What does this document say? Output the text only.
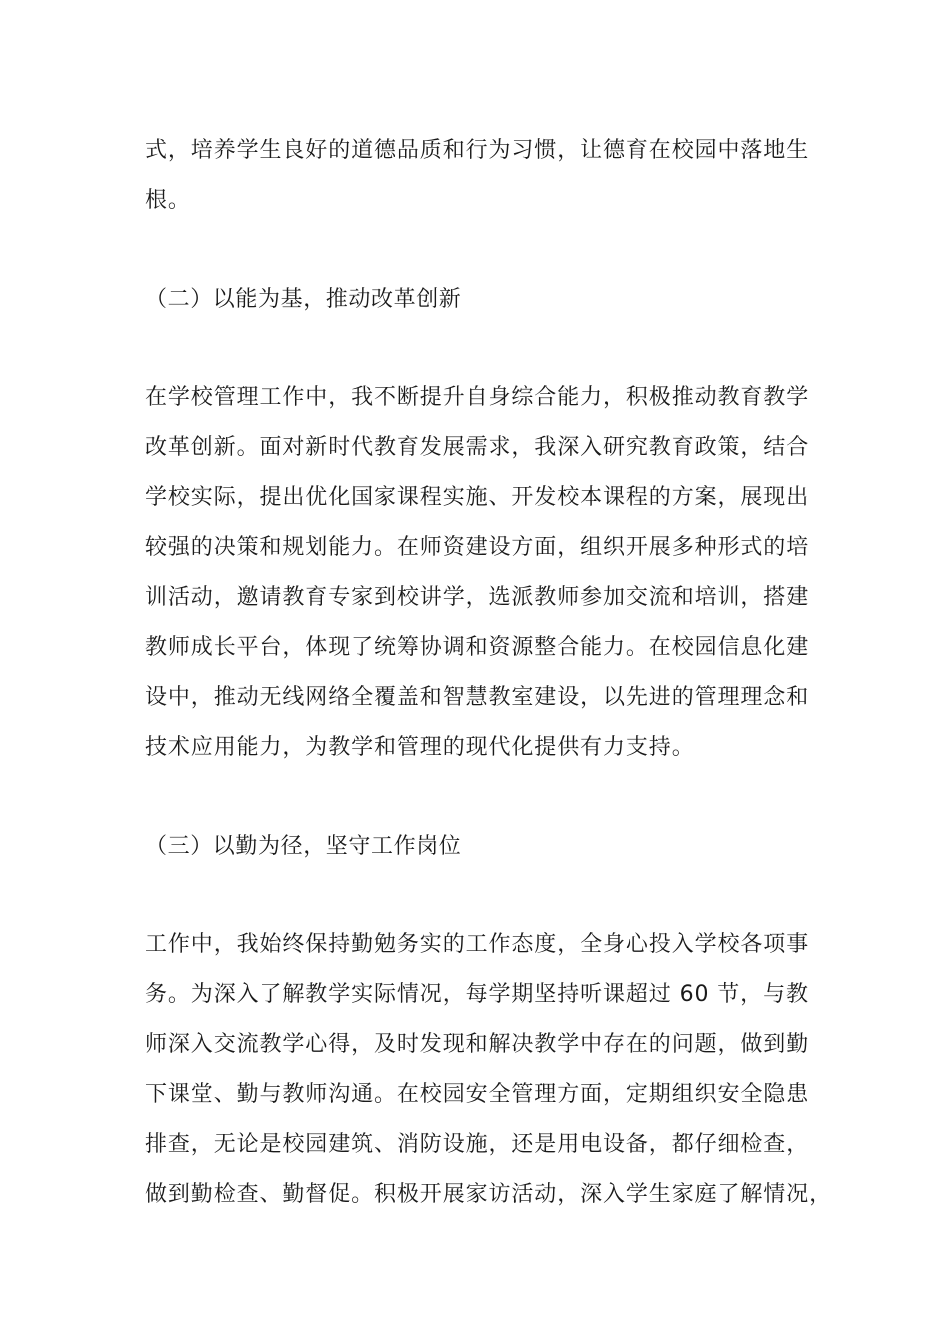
式，培养学生良好的道德品质和行为习惯，让德育在校园中落地生
根。
（二）以能为基，推动改革创新
在学校管理工作中，我不断提升自身综合能力，积极推动教育教学
改革创新。面对新时代教育发展需求，我深入研究教育政策，结合
学校实际，提出优化国家课程实施、开发校本课程的方案，展现出
较强的决策和规划能力。在师资建设方面，组织开展多种形式的培
训活动，邀请教育专家到校讲学，选派教师参加交流和培训，搭建
教师成长平台，体现了统筹协调和资源整合能力。在校园信息化建
设中，推动无线网络全覆盖和智慧教室建设，以先进的管理理念和
技术应用能力，为教学和管理的现代化提供有力支持。
（三）以勤为径，坚守工作岗位
工作中，我始终保持勤勉务实的工作态度，全身心投入学校各项事
务。为深入了解教学实际情况，每学期坚持听课超过 60 节，与教
师深入交流教学心得，及时发现和解决教学中存在的问题，做到勤
下课堂、勤与教师沟通。在校园安全管理方面，定期组织安全隐患
排查，无论是校园建筑、消防设施，还是用电设备，都仔细检查，
做到勤检查、勤督促。积极开展家访活动，深入学生家庭了解情况，
